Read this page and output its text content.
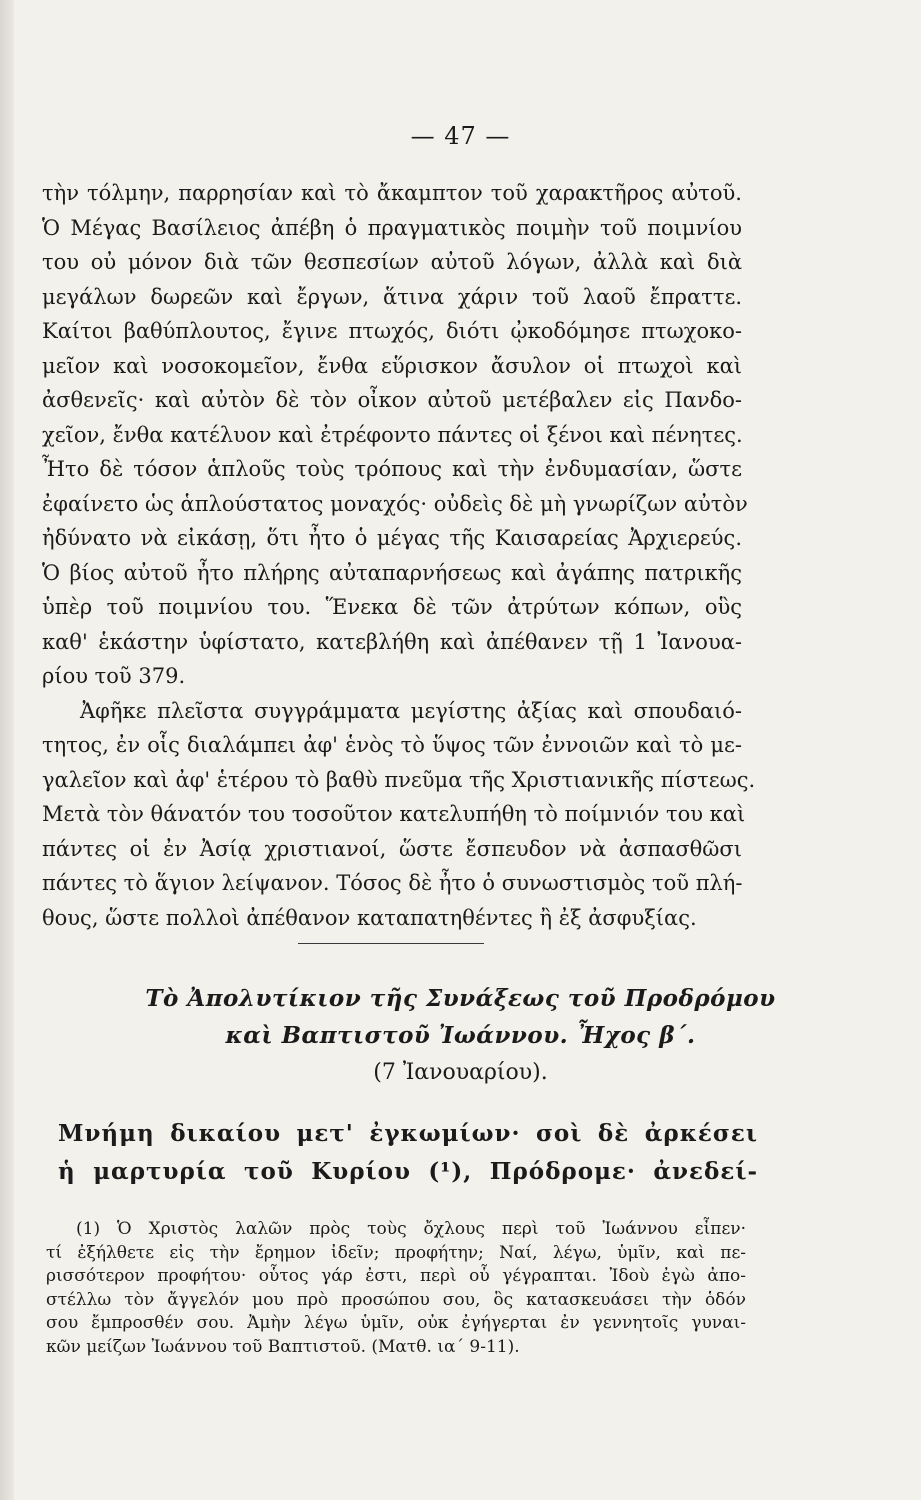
— 47 —
τὴν τόλμην, παρρησίαν καὶ τὸ ἄκαμπτον τοῦ χαρακτῆρος αὐτοῦ.
Ὁ Μέγας Βασίλειος ἀπέβη ὁ πραγματικὸς ποιμὴν τοῦ ποιμνίου
του οὐ μόνον διὰ τῶν θεσπεσίων αὐτοῦ λόγων, ἀλλὰ καὶ διὰ
μεγάλων δωρεῶν καὶ ἔργων, ἅτινα χάριν τοῦ λαοῦ ἔπραττε.
Καίτοι βαθύπλουτος, ἔγινε πτωχός, διότι ᾠκοδόμησε πτωχοκο-
μεῖον καὶ νοσοκομεῖον, ἔνθα εὕρισκον ἄσυλον οἱ πτωχοὶ καὶ
ἀσθενεῖς· καὶ αὐτὸν δὲ τὸν οἶκον αὐτοῦ μετέβαλεν εἰς Πανδο-
χεῖον, ἔνθα κατέλυον καὶ ἐτρέφοντο πάντες οἱ ξένοι καὶ πένητες.
Ἦτο δὲ τόσον ἁπλοῦς τοὺς τρόπους καὶ τὴν ἐνδυμασίαν, ὥστε
ἐφαίνετο ὡς ἁπλούστατος μοναχός· οὐδεὶς δὲ μὴ γνωρίζων αὐτὸν
ἠδύνατο νὰ εἰκάσῃ, ὅτι ἦτο ὁ μέγας τῆς Καισαρείας Ἀρχιερεύς.
Ὁ βίος αὐτοῦ ἦτο πλήρης αὐταπαρνήσεως καὶ ἀγάπης πατρικῆς
ὑπὲρ τοῦ ποιμνίου του. Ἕνεκα δὲ τῶν ἀτρύτων κόπων, οὓς
καθ' ἑκάστην ὑφίστατο, κατεβλήθη καὶ ἀπέθανεν τῇ 1 Ἰανουα-
ρίου τοῦ 379.
Ἀφῆκε πλεῖστα συγγράμματα μεγίστης ἀξίας καὶ σπουδαιό-
τητος, ἐν οἷς διαλάμπει ἀφ' ἑνὸς τὸ ὕψος τῶν ἐννοιῶν καὶ τὸ με-
γαλεῖον καὶ ἀφ' ἑτέρου τὸ βαθὺ πνεῦμα τῆς Χριστιανικῆς πίστεως.
Μετὰ τὸν θάνατόν του τοσοῦτον κατελυπήθη τὸ ποίμνιόν του καὶ
πάντες οἱ ἐν Ἀσίᾳ χριστιανοί, ὥστε ἔσπευδον νὰ ἀσπασθῶσι
πάντες τὸ ἅγιον λείψανον. Τόσος δὲ ἦτο ὁ συνωστισμὸς τοῦ πλή-
θους, ὥστε πολλοὶ ἀπέθανον καταπατηθέντες ἢ ἐξ ἀσφυξίας.
Τὸ Ἀπολυτίκιον τῆς Συνάξεως τοῦ Προδρόμου
καὶ Βαπτιστοῦ Ἰωάννου. Ἦχος β΄.
(7 Ἰανουαρίου).
Μνήμη δικαίου μετ' ἐγκωμίων· σοὶ δὲ ἀρκέσει
ἡ μαρτυρία τοῦ Κυρίου (¹), Πρόδρομε· ἀνεδεί-
(1) Ὁ Χριστὸς λαλῶν πρὸς τοὺς ὄχλους περὶ τοῦ Ἰωάννου εἶπεν·
τί ἐξήλθετε εἰς τὴν ἔρημον ἰδεῖν; προφήτην; Ναί, λέγω, ὑμῖν, καὶ πε-
ρισσότερον προφήτου· οὗτος γάρ ἐστι, περὶ οὗ γέγραπται. Ἰδοὺ ἐγὼ ἀπο-
στέλλω τὸν ἄγγελόν μου πρὸ προσώπου σου, ὃς κατασκευάσει τὴν ὁδόν
σου ἔμπροσθέν σου. Ἀμὴν λέγω ὑμῖν, οὐκ ἐγήγερται ἐν γεννητοῖς γυναι-
κῶν μείζων Ἰωάννου τοῦ Βαπτιστοῦ. (Ματθ. ια΄ 9-11).
